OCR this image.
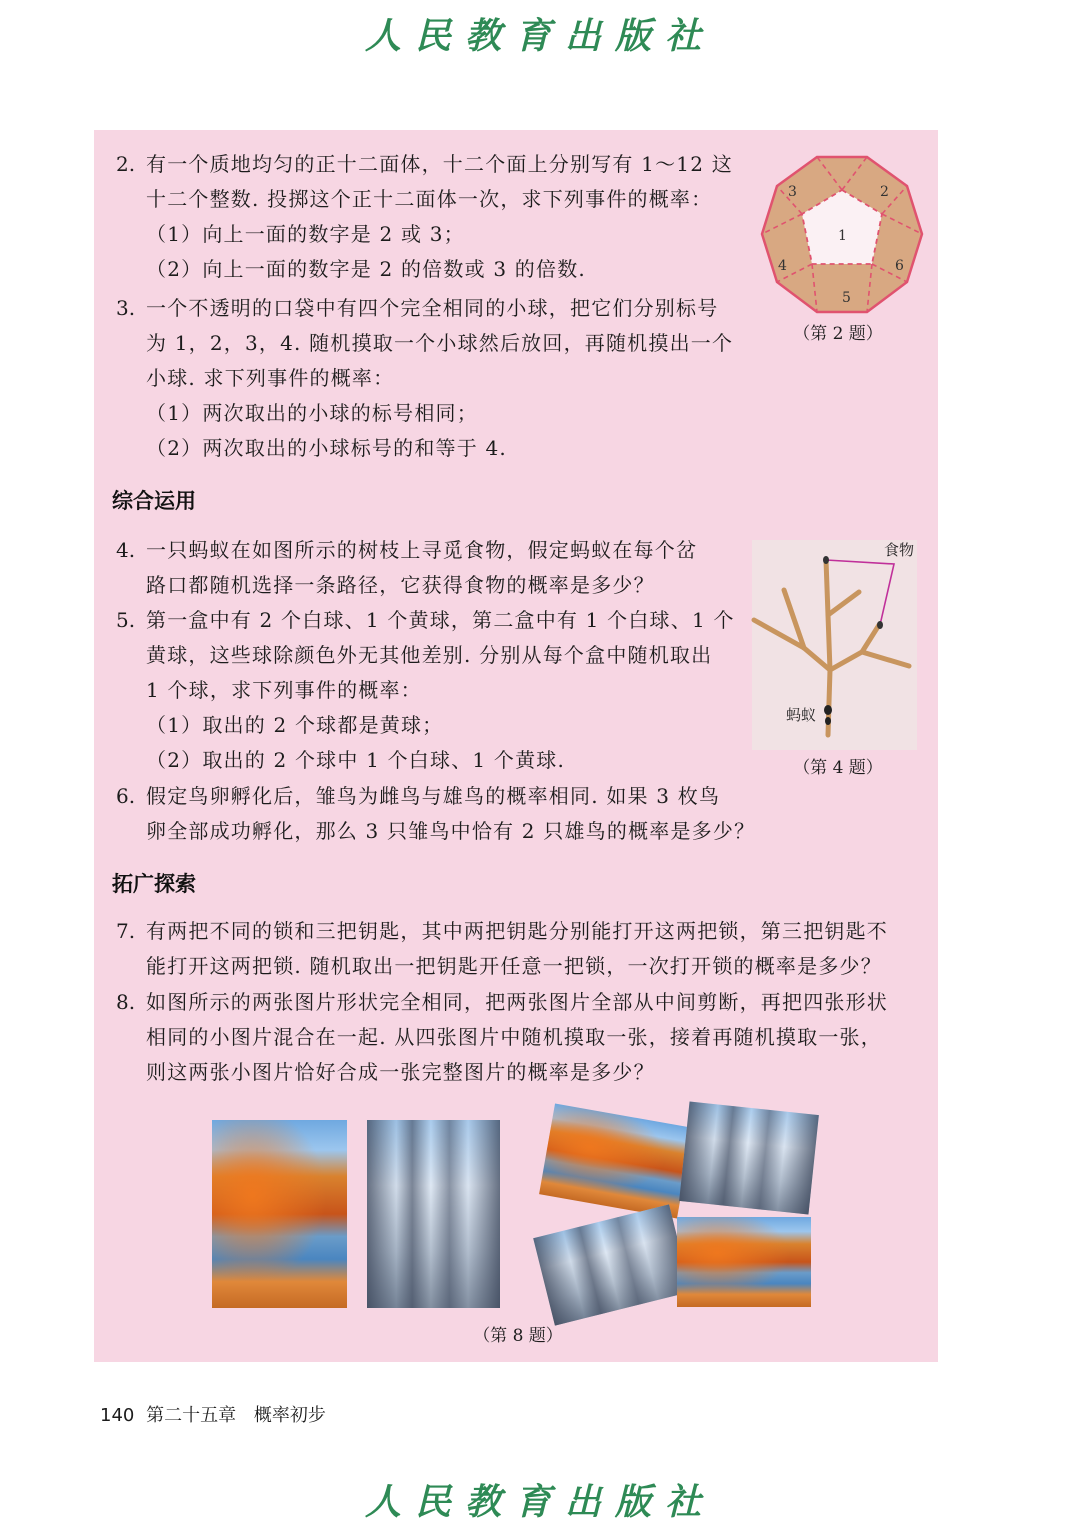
人民教育出版社
2. 有一个质地均匀的正十二面体，十二个面上分别写有 1～12 这
十二个整数. 投掷这个正十二面体一次，求下列事件的概率：
（1）向上一面的数字是 2 或 3；
（2）向上一面的数字是 2 的倍数或 3 的倍数.
1
2
3
4
5
6
（第 2 题）
3. 一个不透明的口袋中有四个完全相同的小球，把它们分别标号
为 1，2，3，4. 随机摸取一个小球然后放回，再随机摸出一个
小球. 求下列事件的概率：
（1）两次取出的小球的标号相同；
（2）两次取出的小球标号的和等于 4.
综合运用
4. 一只蚂蚁在如图所示的树枝上寻觅食物，假定蚂蚁在每个岔
路口都随机选择一条路径，它获得食物的概率是多少？
食物
蚂蚁
（第 4 题）
5. 第一盒中有 2 个白球、1 个黄球，第二盒中有 1 个白球、1 个
黄球，这些球除颜色外无其他差别. 分别从每个盒中随机取出
1 个球，求下列事件的概率：
（1）取出的 2 个球都是黄球；
（2）取出的 2 个球中 1 个白球、1 个黄球.
6. 假定鸟卵孵化后，雏鸟为雌鸟与雄鸟的概率相同. 如果 3 枚鸟
卵全部成功孵化，那么 3 只雏鸟中恰有 2 只雄鸟的概率是多少？
拓广探索
7. 有两把不同的锁和三把钥匙，其中两把钥匙分别能打开这两把锁，第三把钥匙不
能打开这两把锁. 随机取出一把钥匙开任意一把锁，一次打开锁的概率是多少？
8. 如图所示的两张图片形状完全相同，把两张图片全部从中间剪断，再把四张形状
相同的小图片混合在一起. 从四张图片中随机摸取一张，接着再随机摸取一张，
则这两张小图片恰好合成一张完整图片的概率是多少？
（第 8 题）
140 第二十五章 概率初步
人民教育出版社
